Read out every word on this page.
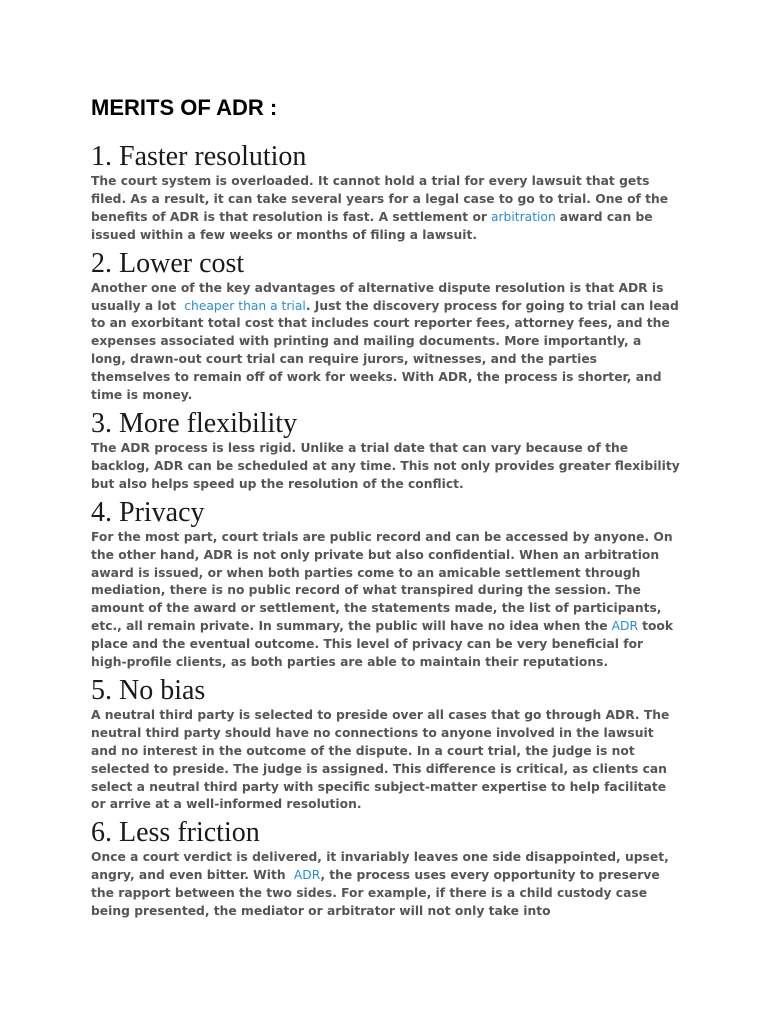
MERITS OF ADR :
1. Faster resolution

The court system is overloaded. It cannot hold a trial for every lawsuit that gets filed. As a result, it can take several years for a legal case to go to trial. One of the benefits of ADR is that resolution is fast. A settlement or arbitration award can be issued within a few weeks or months of filing a lawsuit.

2. Lower cost

Another one of the key advantages of alternative dispute resolution is that ADR is usually a lot cheaper than a trial. Just the discovery process for going to trial can lead to an exorbitant total cost that includes court reporter fees, attorney fees, and the expenses associated with printing and mailing documents. More importantly, a long, drawn-out court trial can require jurors, witnesses, and the parties themselves to remain off of work for weeks. With ADR, the process is shorter, and time is money.

3. More flexibility

The ADR process is less rigid. Unlike a trial date that can vary because of the backlog, ADR can be scheduled at any time. This not only provides greater flexibility but also helps speed up the resolution of the conflict.

4. Privacy

For the most part, court trials are public record and can be accessed by anyone. On the other hand, ADR is not only private but also confidential. When an arbitration award is issued, or when both parties come to an amicable settlement through mediation, there is no public record of what transpired during the session. The amount of the award or settlement, the statements made, the list of participants, etc., all remain private. In summary, the public will have no idea when the ADR took place and the eventual outcome. This level of privacy can be very beneficial for high-profile clients, as both parties are able to maintain their reputations.

5. No bias

A neutral third party is selected to preside over all cases that go through ADR. The neutral third party should have no connections to anyone involved in the lawsuit and no interest in the outcome of the dispute. In a court trial, the judge is not selected to preside. The judge is assigned. This difference is critical, as clients can select a neutral third party with specific subject-matter expertise to help facilitate or arrive at a well-informed resolution.

6. Less friction

Once a court verdict is delivered, it invariably leaves one side disappointed, upset, angry, and even bitter. With ADR, the process uses every opportunity to preserve the rapport between the two sides. For example, if there is a child custody case being presented, the mediator or arbitrator will not only take into
